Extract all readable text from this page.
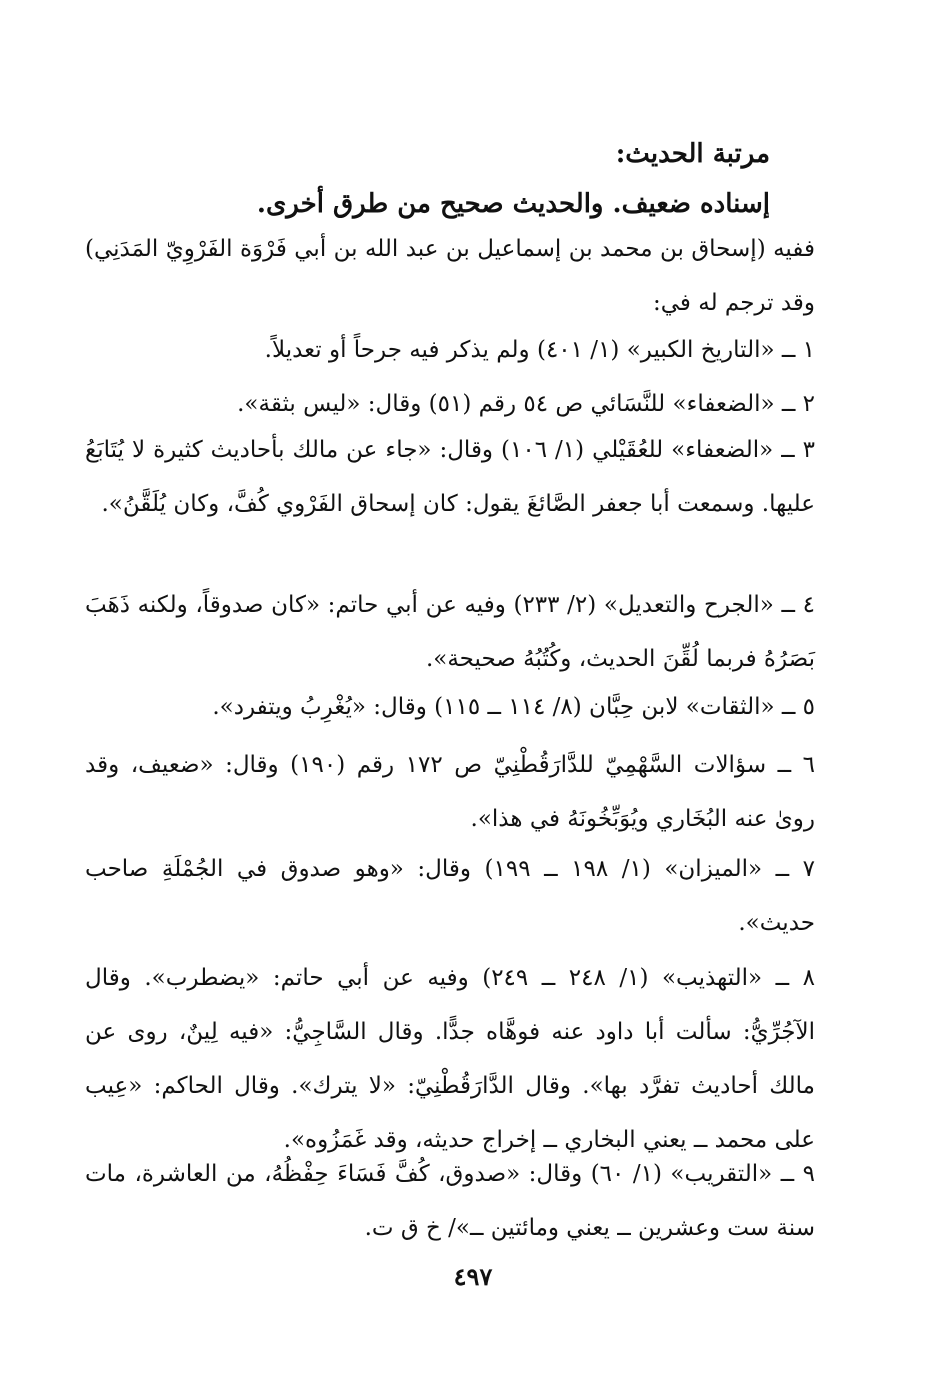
مرتبة الحديث:
إسناده ضعيف. والحديث صحيح من طرق أخرى.
ففيه (إسحاق بن محمد بن إسماعيل بن عبد الله بن أبي فَرْوَة الفَرْوِيّ المَدَنِي) وقد ترجم له في:
١ ــ «التاريخ الكبير» (١/ ٤٠١) ولم يذكر فيه جرحاً أو تعديلاً.
٢ ــ «الضعفاء» للنَّسَائي ص ٥٤ رقم (٥١) وقال: «ليس بثقة».
٣ ــ «الضعفاء» للعُقَيْلي (١/ ١٠٦) وقال: «جاء عن مالك بأحاديث كثيرة لا يُتَابَعُ عليها. وسمعت أبا جعفر الصَّائغَ يقول: كان إسحاق الفَرْوي كُفَّ، وكان يُلَقَّنُ».
٤ ــ «الجرح والتعديل» (٢/ ٢٣٣) وفيه عن أبي حاتم: «كان صدوقاً، ولكنه ذَهَبَ بَصَرُهُ فربما لُقِّنَ الحديث، وكُتُبُهُ صحيحة».
٥ ــ «الثقات» لابن حِبَّان (٨/ ١١٤ ــ ١١٥) وقال: «يُغْرِبُ ويتفرد».
٦ ــ سؤالات السَّهْمِيّ للدَّارَقُطْنِيّ ص ١٧٢ رقم (١٩٠) وقال: «ضعيف، وقد روىٰ عنه البُخَاري ويُوَبِّخُونَهُ في هذا».
٧ ــ «الميزان» (١/ ١٩٨ ــ ١٩٩) وقال: «وهو صدوق في الجُمْلَةِ صاحب حديث».
٨ ــ «التهذيب» (١/ ٢٤٨ ــ ٢٤٩) وفيه عن أبي حاتم: «يضطرب». وقال الآجُرِّيُّ: سألت أبا داود عنه فوهَّاه جدًّا. وقال السَّاجِيُّ: «فيه لِينٌ، روى عن مالك أحاديث تفرَّد بها». وقال الدَّارَقُطْنِيّ: «لا يترك». وقال الحاكم: «عِيب على محمد ــ يعني البخاري ــ إخراج حديثه، وقد غَمَزُوه».
٩ ــ «التقريب» (١/ ٦٠) وقال: «صدوق، كُفَّ فَسَاءَ حِفْظُهُ، من العاشرة، مات سنة ست وعشرين ــ يعني ومائتين ــ»/ خ ق ت.
٤٩٧
